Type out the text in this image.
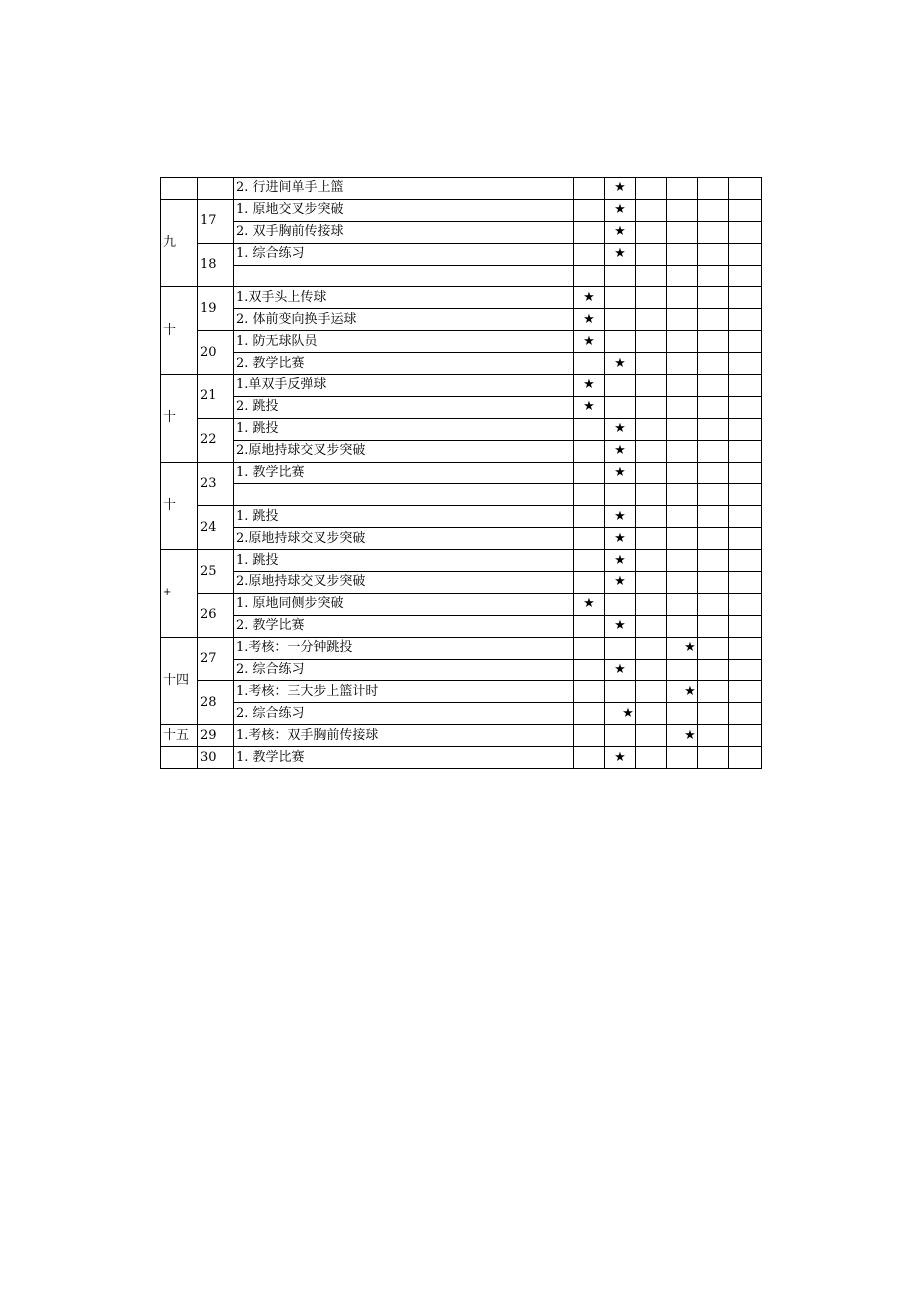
		2. 行进间单手上篮		★				
九	17	1. 原地交叉步突破		★				
		2. 双手胸前传接球		★				
	18	1. 综合练习		★				

十	19	1.双手头上传球	★					
		2. 体前变向换手运球	★					
	20	1. 防无球队员	★					
		2. 教学比赛		★				
十	21	1.单双手反弹球	★					
		2. 跳投	★					
	22	1. 跳投		★				
		2.原地持球交叉步突破		★				
十	23	1. 教学比赛		★				

	24	1. 跳投		★				
		2.原地持球交叉步突破		★				
+	25	1. 跳投		★				
		2.原地持球交叉步突破		★				
	26	1. 原地同侧步突破	★					
		2. 教学比赛		★				
十四	27	1.考核：一分钟跳投				★		
		2. 综合练习		★				
	28	1.考核：三大步上篮计时				★		
		2. 综合练习		★				
十五	29	1.考核：双手胸前传接球				★		
	30	1. 教学比赛		★				
